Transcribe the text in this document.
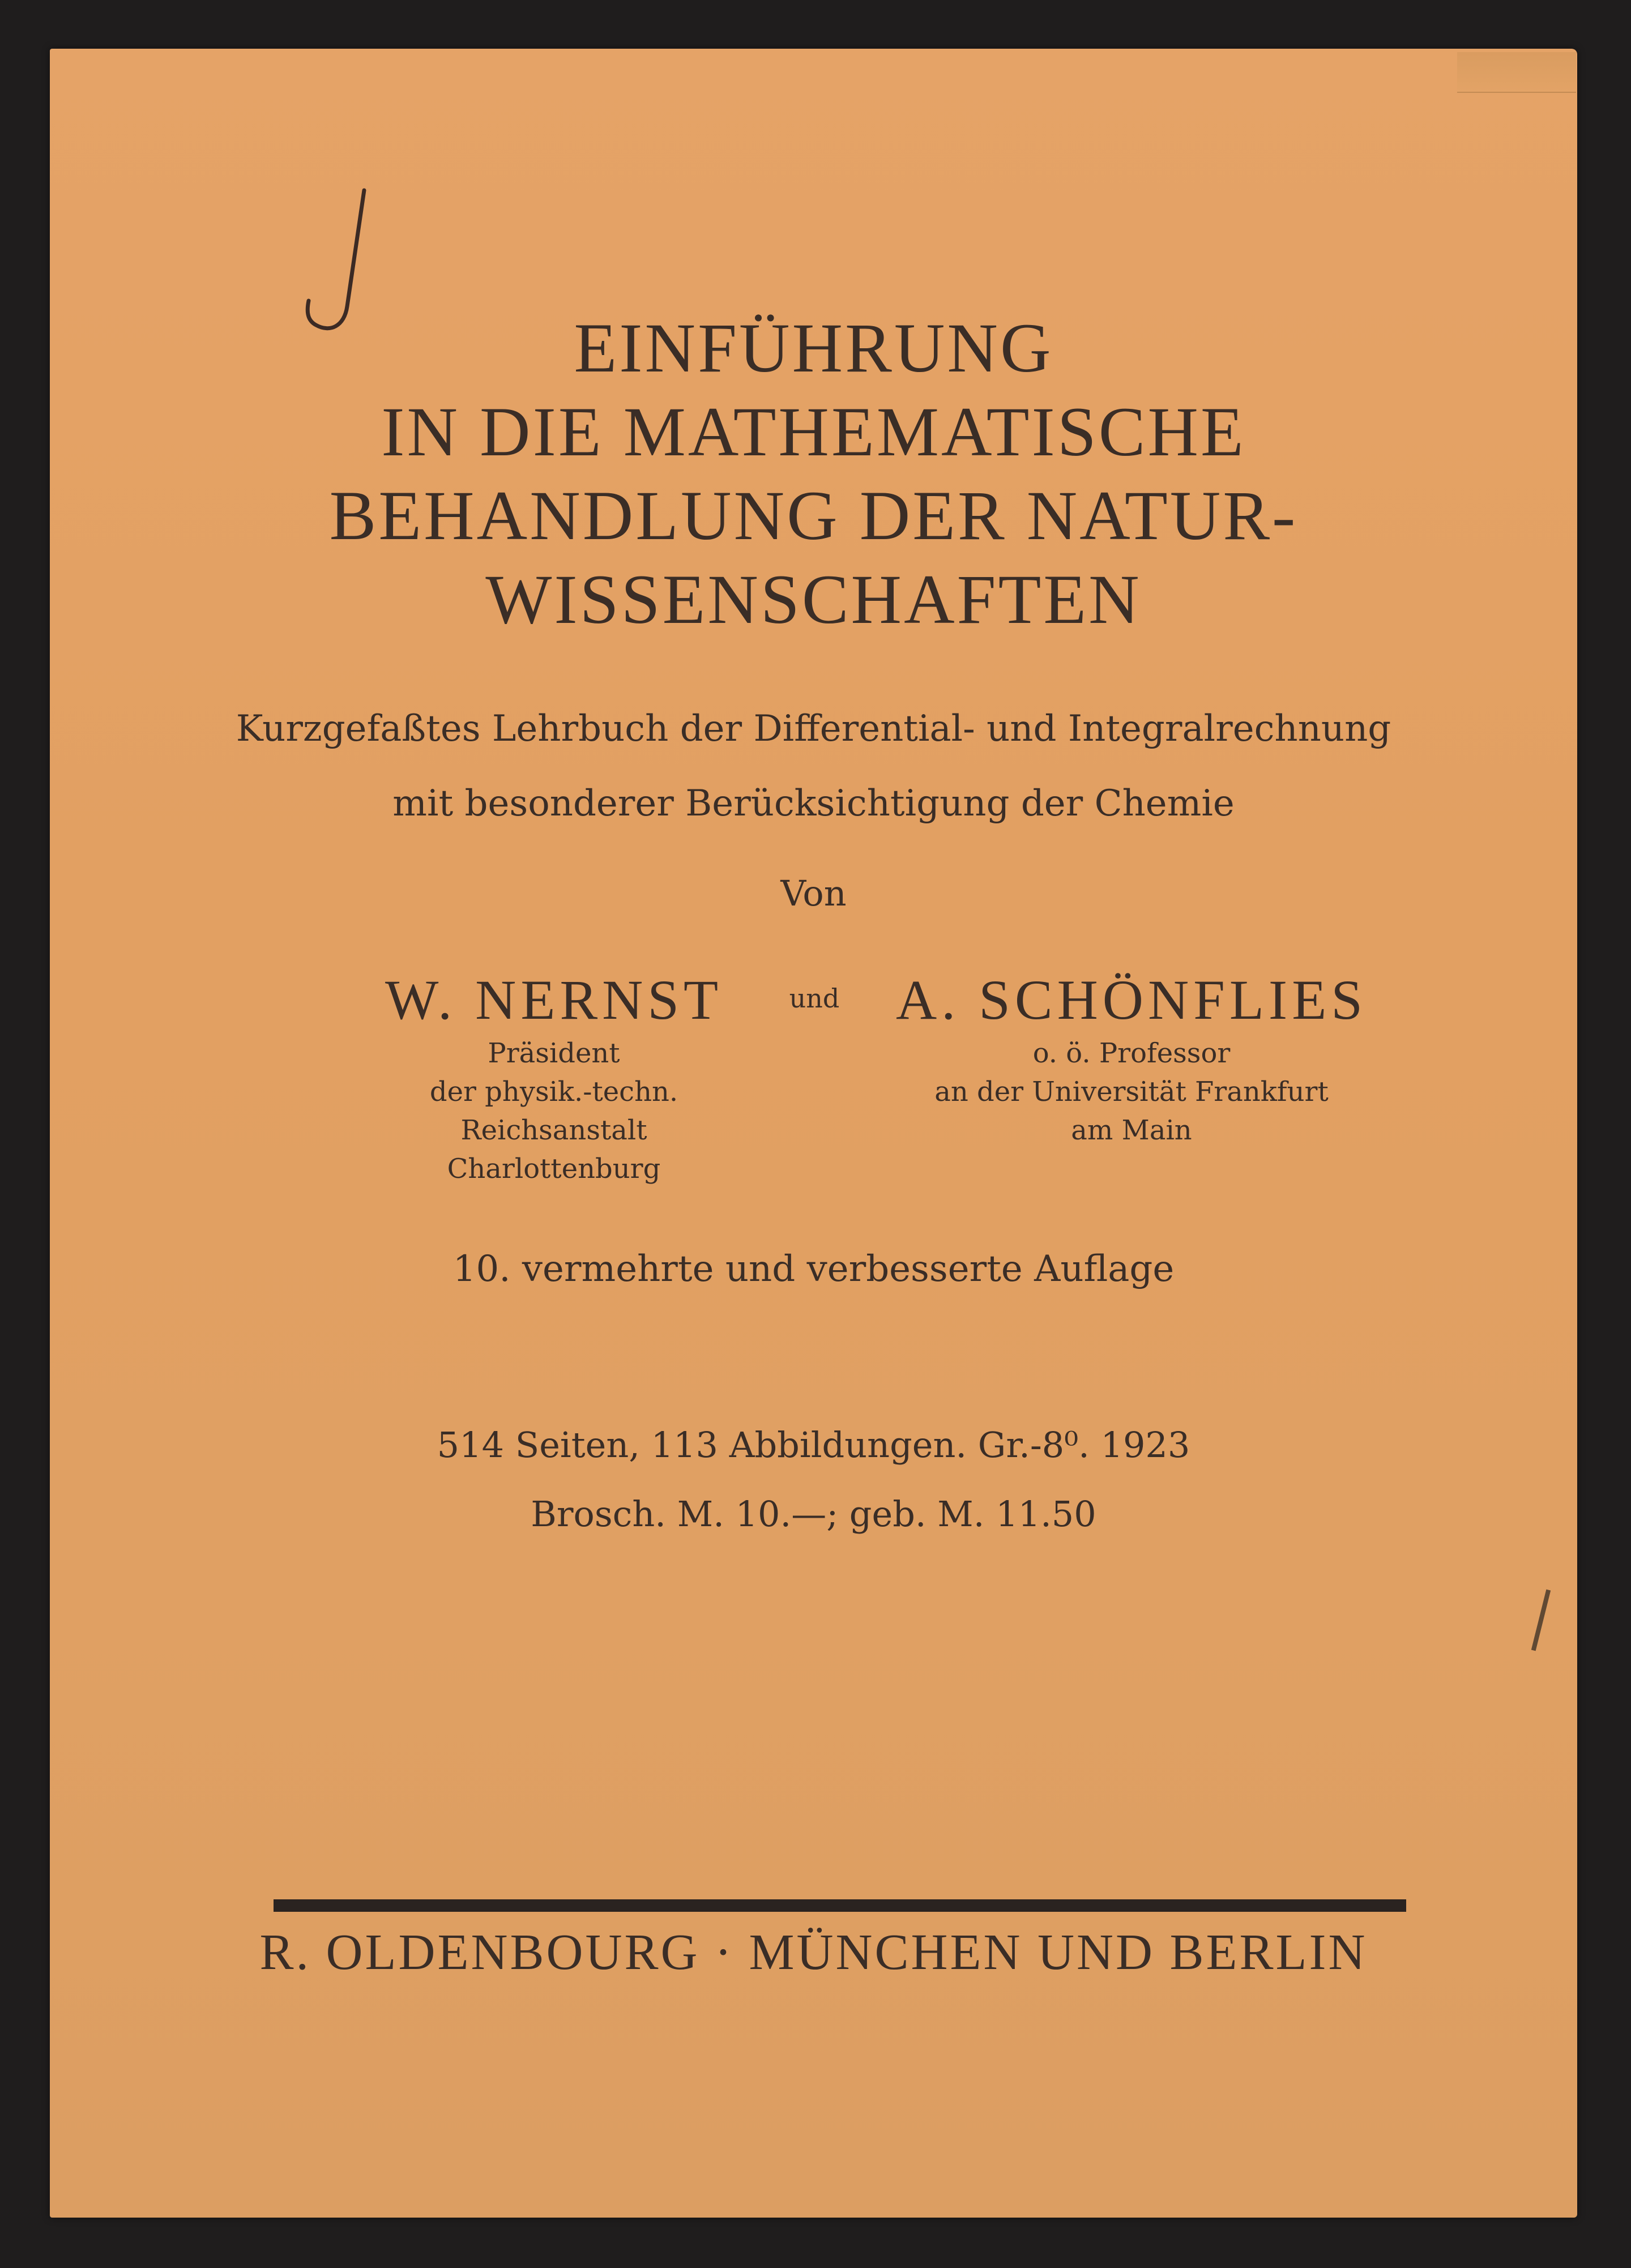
EINFÜHRUNG
IN DIE MATHEMATISCHE
BEHANDLUNG DER NATUR-
WISSENSCHAFTEN
Kurzgefaßtes Lehrbuch der Differential- und Integralrechnung
mit besonderer Berücksichtigung der Chemie
Von
W. NERNST
Präsident
der physik.-techn. Reichsanstalt
Charlottenburg
und A. SCHÖNFLIES
o. ö. Professor
an der Universität Frankfurt
am Main
10. vermehrte und verbesserte Auflage
514 Seiten, 113 Abbildungen. Gr.-8⁰. 1923
Brosch. M. 10.—; geb. M. 11.50
R. OLDENBOURG · MÜNCHEN UND BERLIN
